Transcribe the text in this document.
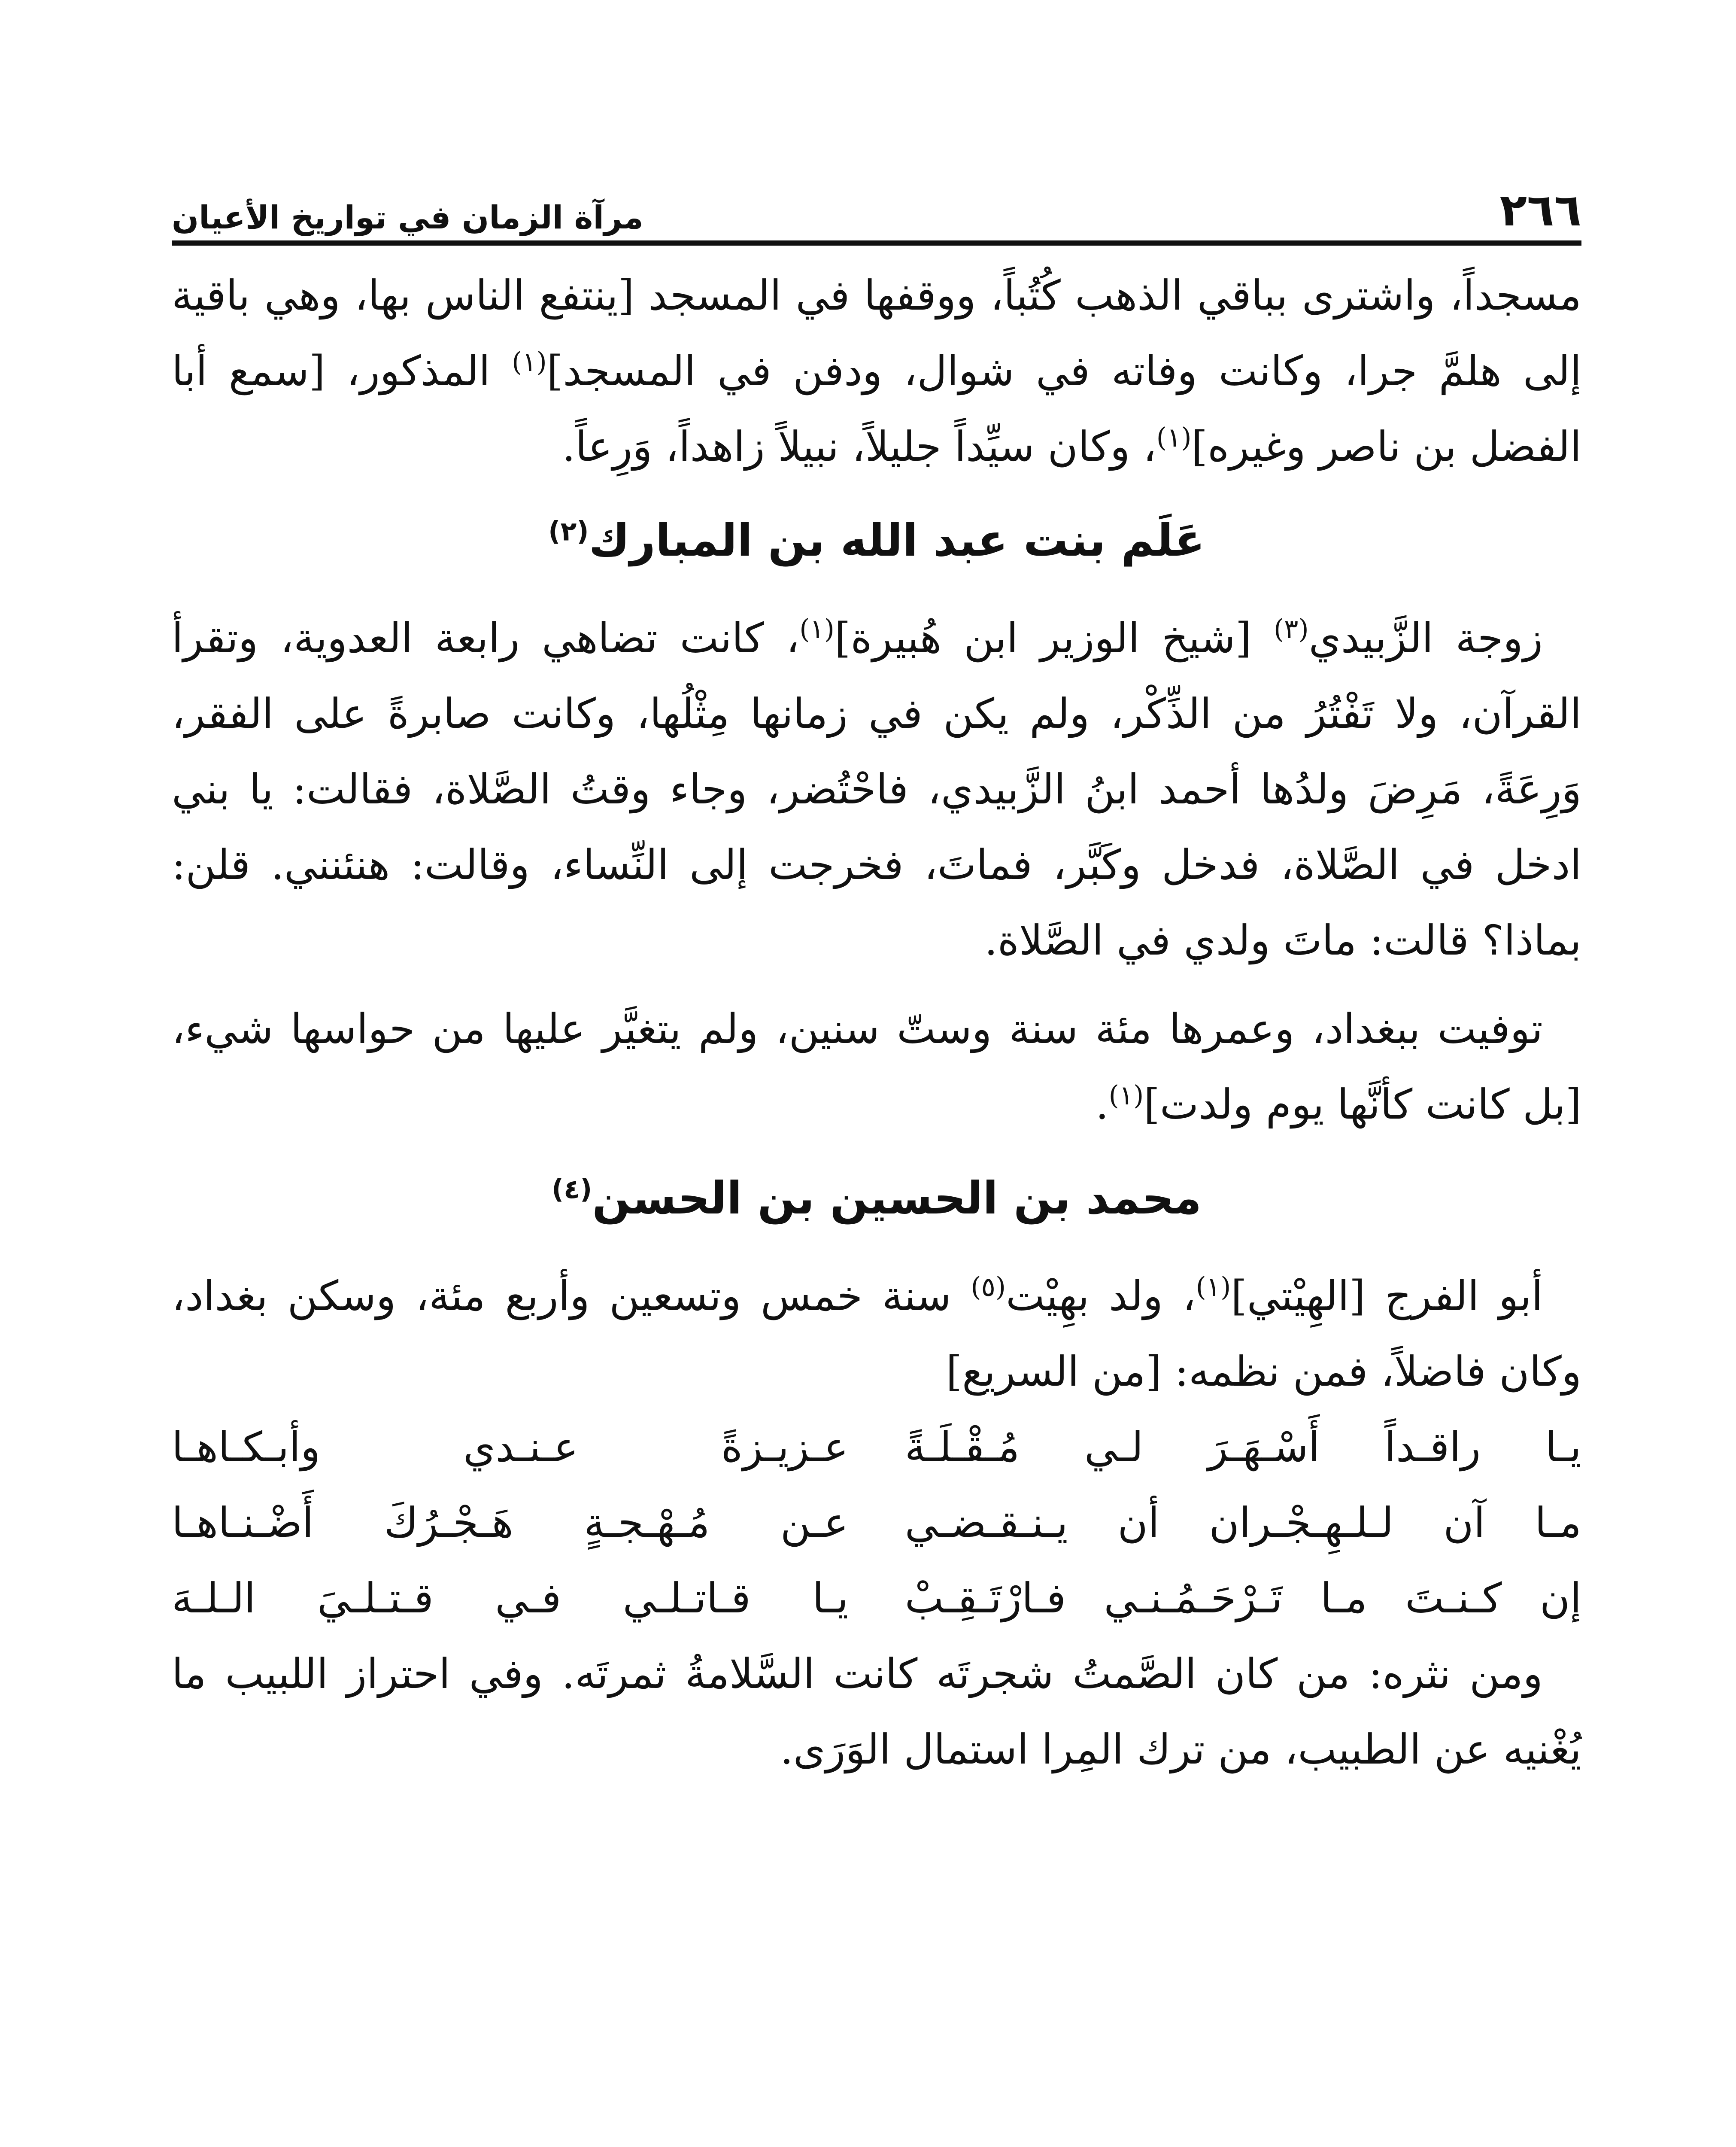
٢٦٦
مرآة الزمان في تواريخ الأعيان

مسجداً، واشترى بباقي الذهب كُتُباً، ووقفها في المسجد [ينتفع الناس بها، وهي باقية إلى هلمَّ جرا، وكانت وفاته في شوال، ودفن في المسجد]$^{(١)}$ المذكور، [سمع أبا الفضل بن ناصر وغيره]$^{(١)}$، وكان سيِّداً جليلاً، نبيلاً زاهداً، وَرِعاً.

عَلَم بنت عبد الله بن المبارك$^{(٢)}$

زوجة الزَّبيدي$^{(٣)}$ [شيخ الوزير ابن هُبيرة]$^{(١)}$، كانت تضاهي رابعة العدوية، وتقرأ القرآن، ولا تَفْتُرُ من الذِّكْر، ولم يكن في زمانها مِثْلُها، وكانت صابرةً على الفقر، وَرِعَةً، مَرِضَ ولدُها أحمد ابنُ الزَّبيدي، فاحْتُضر، وجاء وقتُ الصَّلاة، فقالت: يا بني ادخل في الصَّلاة، فدخل وكَبَّر، فماتَ، فخرجت إلى النِّساء، وقالت: هنئنني. قلن: بماذا؟ قالت: ماتَ ولدي في الصَّلاة.

توفيت ببغداد، وعمرها مئة سنة وستّ سنين، ولم يتغيَّر عليها من حواسها شيء، [بل كانت كأنَّها يوم ولدت]$^{(١)}$.

محمد بن الحسين بن الحسن$^{(٤)}$

أبو الفرج [الهِيْتي]$^{(١)}$، ولد بهِيْت$^{(٥)}$ سنة خمس وتسعين وأربع مئة، وسكن بغداد، وكان فاضلاً، فمن نظمه: [من السريع]

يـا راقـداً أَسْـهَـرَ لـي مُـقْـلَـةً
عـزيـزةً عـنـدي وأبـكـاهـا
مـا آن لـلـهِـجْـران أن يـنـقـضـي
عـن مُـهْـجـةٍ هَـجْـرُكَ أَضْـنـاهـا
إن كـنـتَ مـا تَـرْحَـمُـنـي فـارْتَـقِـبْ
يـا قـاتـلـي فـي قـتـلـيَ الـلـهَ

ومن نثره: من كان الصَّمتُ شجرتَه كانت السَّلامةُ ثمرتَه. وفي احتراز اللبيب ما يُغْنيه عن الطبيب، من ترك المِرا استمال الوَرَى.
